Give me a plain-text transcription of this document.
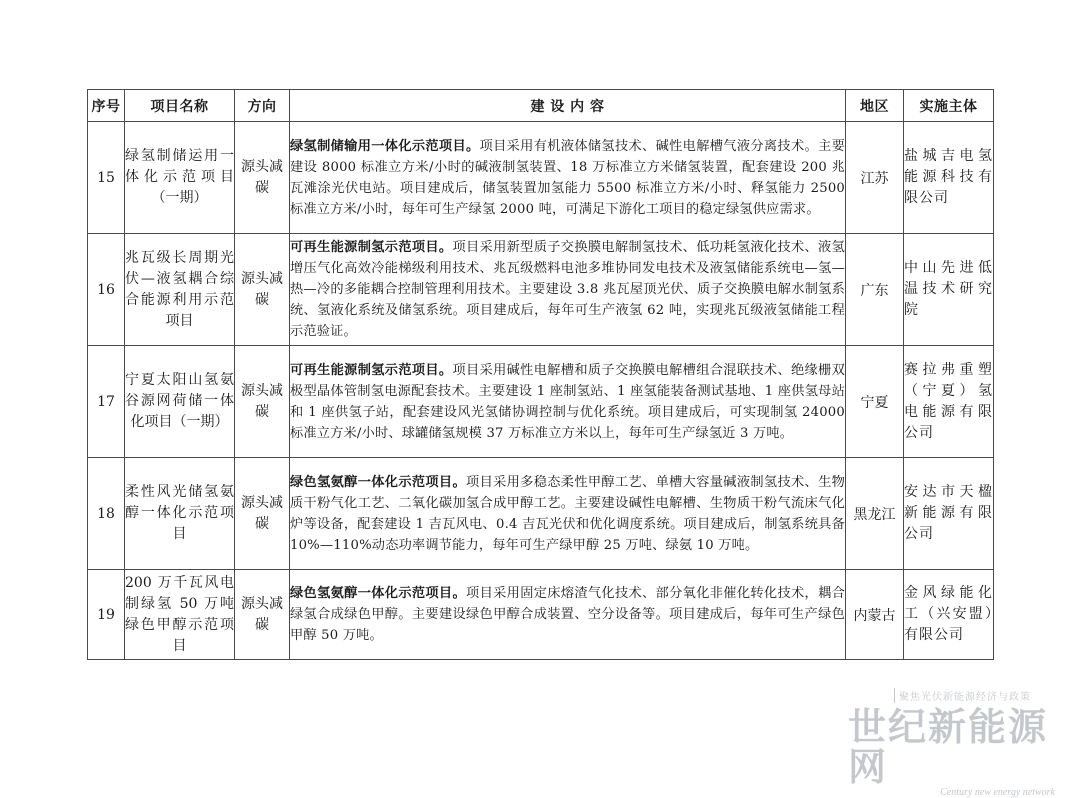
序号	项目名称	方向	建 设 内 容	地区	实施主体
15	绿氢制储运用一体化示范项目（一期）	源头减碳	绿氢制储输用一体化示范项目。项目采用有机液体储氢技术、碱性电解槽气液分离技术。主要建设 8000 标准立方米/小时的碱液制氢装置、18 万标准立方米储氢装置，配套建设 200 兆瓦滩涂光伏电站。项目建成后，储氢装置加氢能力 5500 标准立方米/小时、释氢能力 2500 标准立方米/小时，每年可生产绿氢 2000 吨，可满足下游化工项目的稳定绿氢供应需求。	江苏	盐城吉电氢能源科技有限公司
16	兆瓦级长周期光伏—液氢耦合综合能源利用示范项目	源头减碳	可再生能源制氢示范项目。项目采用新型质子交换膜电解制氢技术、低功耗氢液化技术、液氢增压气化高效冷能梯级利用技术、兆瓦级燃料电池多堆协同发电技术及液氢储能系统电—氢—热—冷的多能耦合控制管理利用技术。主要建设 3.8 兆瓦屋顶光伏、质子交换膜电解水制氢系统、氢液化系统及储氢系统。项目建成后，每年可生产液氢 62 吨，实现兆瓦级液氢储能工程示范验证。	广东	中山先进低温技术研究院
17	宁夏太阳山氢氨谷源网荷储一体化项目（一期）	源头减碳	可再生能源制氢示范项目。项目采用碱性电解槽和质子交换膜电解槽组合混联技术、绝缘栅双极型晶体管制氢电源配套技术。主要建设 1 座制氢站、1 座氢能装备测试基地、1 座供氢母站和 1 座供氢子站，配套建设风光氢储协调控制与优化系统。项目建成后，可实现制氢 24000 标准立方米/小时、球罐储氢规模 37 万标准立方米以上，每年可生产绿氢近 3 万吨。	宁夏	赛拉弗重塑（宁夏）氢电能源有限公司
18	柔性风光储氢氨醇一体化示范项目	源头减碳	绿色氢氨醇一体化示范项目。项目采用多稳态柔性甲醇工艺、单槽大容量碱液制氢技术、生物质干粉气化工艺、二氧化碳加氢合成甲醇工艺。主要建设碱性电解槽、生物质干粉气流床气化炉等设备，配套建设 1 吉瓦风电、0.4 吉瓦光伏和优化调度系统。项目建成后，制氢系统具备 10%—110%动态功率调节能力，每年可生产绿甲醇 25 万吨、绿氨 10 万吨。	黑龙江	安达市天楹新能源有限公司
19	200 万千瓦风电制绿氢 50 万吨绿色甲醇示范项目	源头减碳	绿色氢氨醇一体化示范项目。项目采用固定床熔渣气化技术、部分氧化非催化转化技术，耦合绿氢合成绿色甲醇。主要建设绿色甲醇合成装置、空分设备等。项目建成后，每年可生产绿色甲醇 50 万吨。	内蒙古	金风绿能化工（兴安盟）有限公司
聚焦光伏新能源经济与政策
世纪新能源网
Century new energy network
